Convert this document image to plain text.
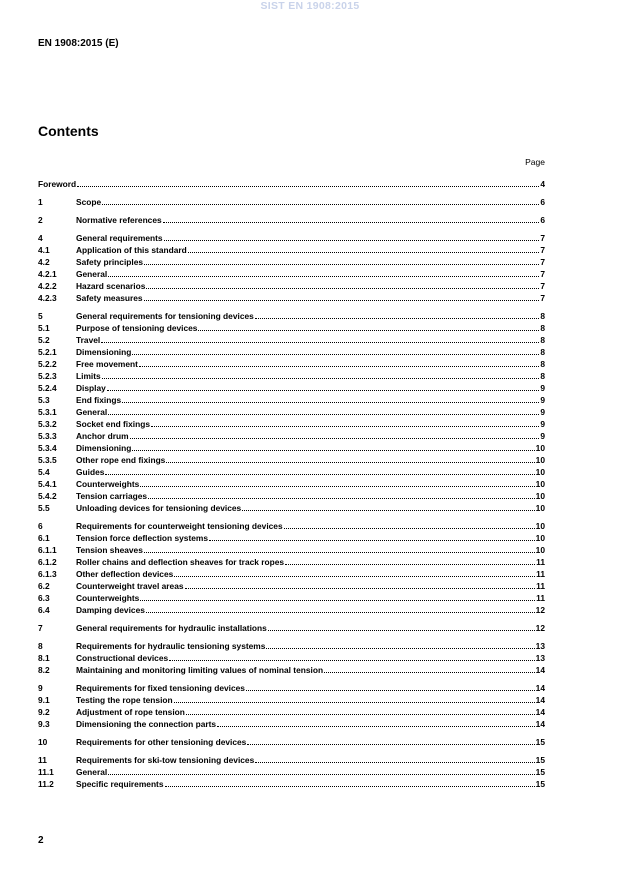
SIST EN 1908:2015
EN 1908:2015 (E)
Contents
Page
Foreword	4
1	Scope	6
2	Normative references	6
4	General requirements	7
4.1	Application of this standard	7
4.2	Safety principles	7
4.2.1	General	7
4.2.2	Hazard scenarios	7
4.2.3	Safety measures	7
5	General requirements for tensioning devices	8
5.1	Purpose of tensioning devices	8
5.2	Travel	8
5.2.1	Dimensioning	8
5.2.2	Free movement	8
5.2.3	Limits	8
5.2.4	Display	9
5.3	End fixings	9
5.3.1	General	9
5.3.2	Socket end fixings	9
5.3.3	Anchor drum	9
5.3.4	Dimensioning	10
5.3.5	Other rope end fixings	10
5.4	Guides	10
5.4.1	Counterweights	10
5.4.2	Tension carriages	10
5.5	Unloading devices for tensioning devices	10
6	Requirements for counterweight tensioning devices	10
6.1	Tension force deflection systems	10
6.1.1	Tension sheaves	10
6.1.2	Roller chains and deflection sheaves for track ropes	11
6.1.3	Other deflection devices	11
6.2	Counterweight travel areas	11
6.3	Counterweights	11
6.4	Damping devices	12
7	General requirements for hydraulic installations	12
8	Requirements for hydraulic tensioning systems	13
8.1	Constructional devices	13
8.2	Maintaining and monitoring limiting values of nominal tension	14
9	Requirements for fixed tensioning devices	14
9.1	Testing the rope tension	14
9.2	Adjustment of rope tension	14
9.3	Dimensioning the connection parts	14
10	Requirements for other tensioning devices	15
11	Requirements for ski-tow tensioning devices	15
11.1	General	15
11.2	Specific requirements	15
2
